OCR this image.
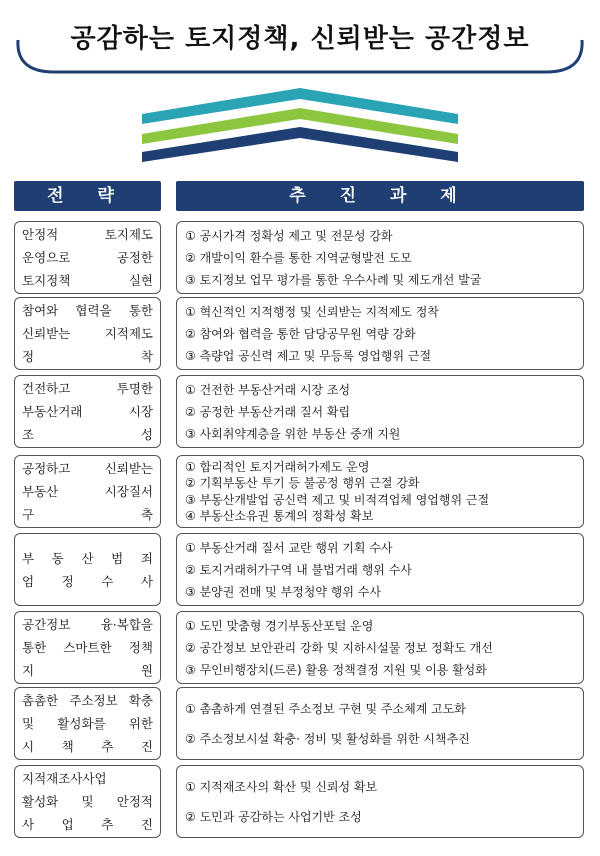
공감하는 토지정책, 신뢰받는 공간정보
전 략	추 진 과 제
안정적 토지제도
운영으로 공정한
토지정책 실현
① 공시가격 정확성 제고 및 전문성 강화
② 개발이익 환수를 통한 지역균형발전 도모
③ 토지정보 업무 평가를 통한 우수사례 및 제도개선 발굴
참여와 협력을 통한
신뢰받는 지적제도
정 착
① 혁신적인 지적행정 및 신뢰받는 지적제도 정착
② 참여와 협력을 통한 담당공무원 역량 강화
③ 측량업 공신력 제고 및 무등록 영업행위 근절
건전하고 투명한
부동산거래 시장
조 성
① 건전한 부동산거래 시장 조성
② 공정한 부동산거래 질서 확립
③ 사회취약계층을 위한 부동산 중개 지원
공정하고 신뢰받는
부동산 시장질서
구 축
① 합리적인 토지거래허가제도 운영
② 기획부동산 투기 등 불공정 행위 근절 강화
③ 부동산개발업 공신력 제고 및 비적격업체 영업행위 근절
④ 부동산소유권 통계의 정확성 확보
부 동 산 범 죄
엄 정 수 사
① 부동산거래 질서 교란 행위 기획 수사
② 토지거래허가구역 내 불법거래 행위 수사
③ 분양권 전매 및 부정청약 행위 수사
공간정보 융·복합을
통한 스마트한 정책
지 원
① 도민 맞춤형 경기부동산포털 운영
② 공간정보 보안관리 강화 및 지하시설물 정보 정확도 개선
③ 무인비행장치(드론) 활용 정책결정 지원 및 이용 활성화
촘촘한 주소정보 확충
및 활성화를 위한
시 책 추 진
① 촘촘하게 연결된 주소정보 구현 및 주소체계 고도화
② 주소정보시설 확충· 정비 및 활성화를 위한 시책추진
지적재조사사업
활성화 및 안정적
사 업 추 진
① 지적재조사의 확산 및 신뢰성 확보
② 도민과 공감하는 사업기반 조성
